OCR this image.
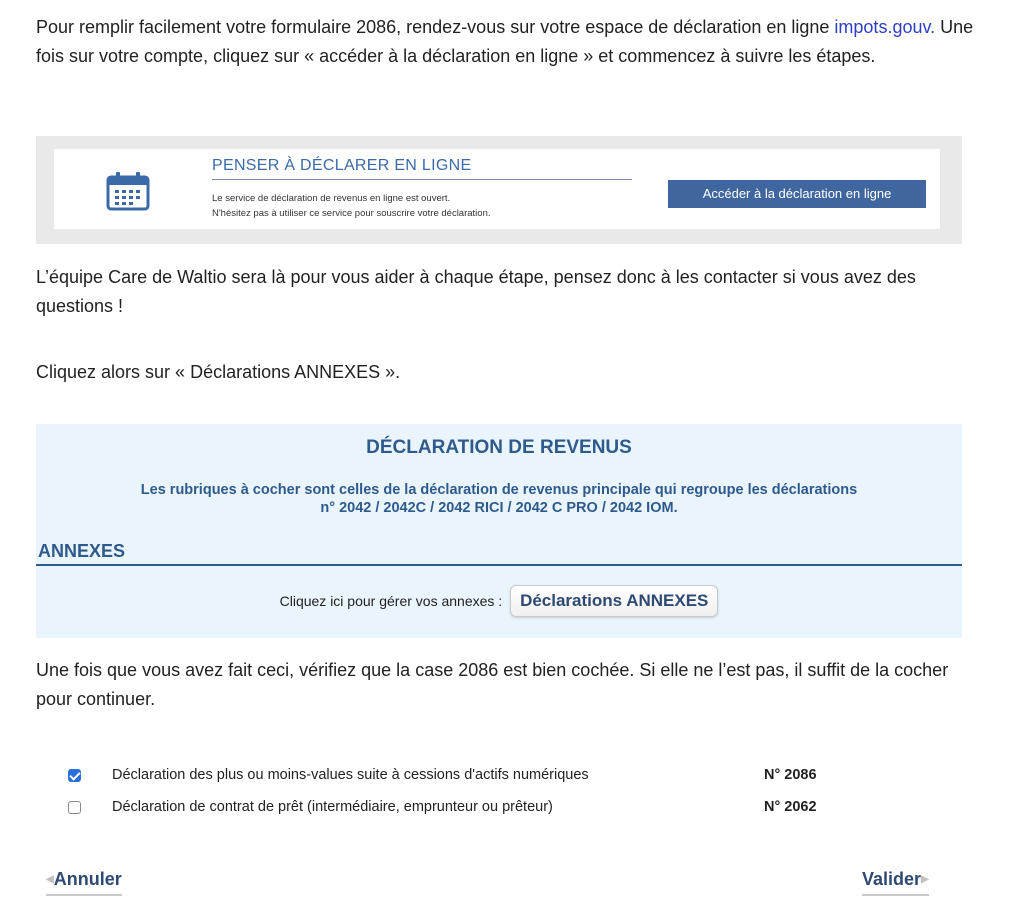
Pour remplir facilement votre formulaire 2086, rendez-vous sur votre espace de déclaration en ligne impots.gouv. Une fois sur votre compte, cliquez sur « accéder à la déclaration en ligne » et commencez à suivre les étapes.

PENSER À DÉCLARER EN LIGNE
Le service de déclaration de revenus en ligne est ouvert.
N'hésitez pas à utiliser ce service pour souscrire votre déclaration.
Accéder à la déclaration en ligne

L’équipe Care de Waltio sera là pour vous aider à chaque étape, pensez donc à les contacter si vous avez des questions !

Cliquez alors sur « Déclarations ANNEXES ».

DÉCLARATION DE REVENUS
Les rubriques à cocher sont celles de la déclaration de revenus principale qui regroupe les déclarations
n° 2042 / 2042C / 2042 RICI / 2042 C PRO / 2042 IOM.
ANNEXES
Cliquez ici pour gérer vos annexes : Déclarations ANNEXES

Une fois que vous avez fait ceci, vérifiez que la case 2086 est bien cochée. Si elle ne l’est pas, il suffit de la cocher pour continuer.

Déclaration des plus ou moins-values suite à cessions d'actifs numériques	N° 2086
Déclaration de contrat de prêt (intermédiaire, emprunteur ou prêteur)	N° 2062
◀Annuler	Valider▶
